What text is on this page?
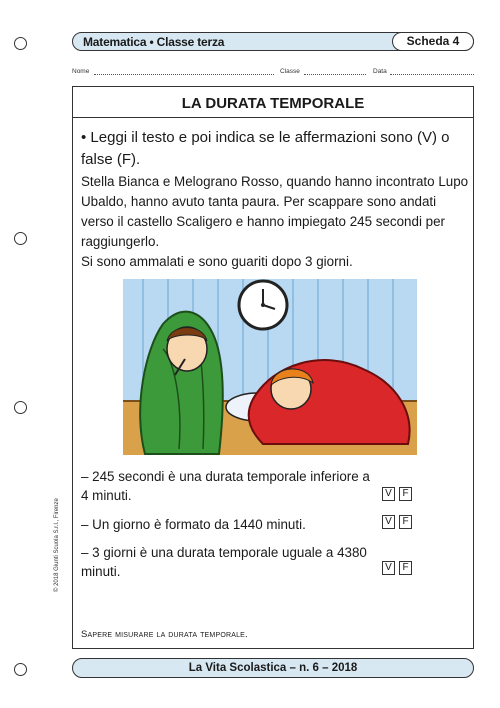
Matematica • Classe terza	Scheda 4
Nome	Classe	Data
LA DURATA TEMPORALE
• Leggi il testo e poi indica se le affermazioni sono (V) o false (F).

Stella Bianca e Melograno Rosso, quando hanno incontrato Lupo Ubaldo, hanno avuto tanta paura. Per scappare sono andati verso il castello Scaligero e hanno impiegato 245 secondi per raggiungerlo.

Si sono ammalati e sono guariti dopo 3 giorni.

– 245 secondi è una durata temporale inferiore a 4 minuti.	V	F
– Un giorno è formato da 1440 minuti.	V	F
– 3 giorni è una durata temporale uguale a 4380 minuti.	V	F
Sapere misurare la durata temporale.
© 2018 Giunti Scuola S.r.l., Firenze
La Vita Scolastica – n. 6 – 2018
